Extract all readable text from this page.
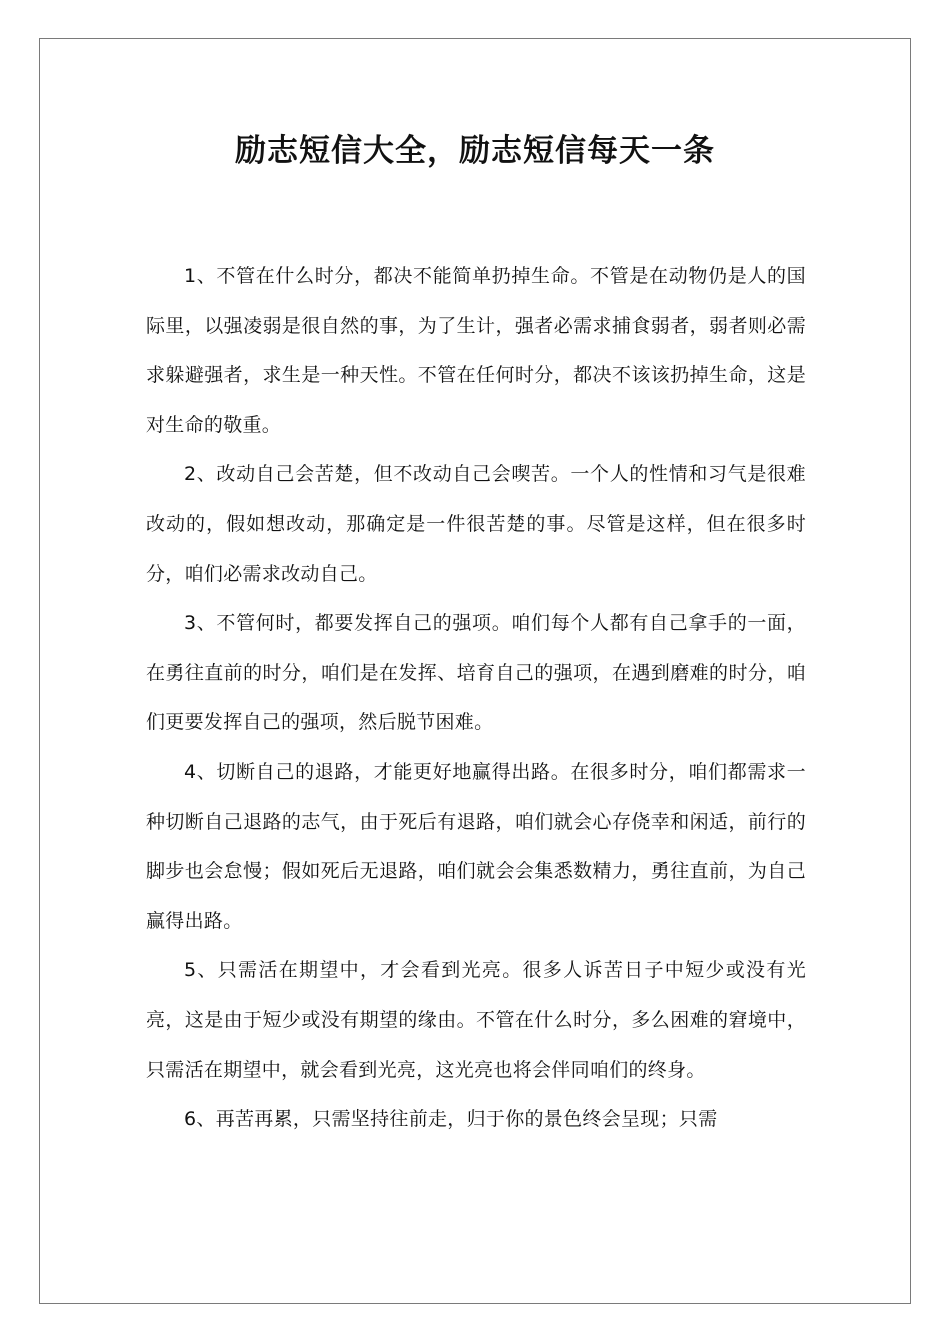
励志短信大全，励志短信每天一条

1、不管在什么时分，都决不能简单扔掉生命。不管是在动物仍是人的国际里，以强凌弱是很自然的事，为了生计，强者必需求捕食弱者，弱者则必需求躲避强者，求生是一种天性。不管在任何时分，都决不该该扔掉生命，这是对生命的敬重。

2、改动自己会苦楚，但不改动自己会喫苦。一个人的性情和习气是很难改动的，假如想改动，那确定是一件很苦楚的事。尽管是这样，但在很多时分，咱们必需求改动自己。

3、不管何时，都要发挥自己的强项。咱们每个人都有自己拿手的一面，在勇往直前的时分，咱们是在发挥、培育自己的强项，在遇到磨难的时分，咱们更要发挥自己的强项，然后脱节困难。

4、切断自己的退路，才能更好地赢得出路。在很多时分，咱们都需求一种切断自己退路的志气，由于死后有退路，咱们就会心存侥幸和闲适，前行的脚步也会怠慢；假如死后无退路，咱们就会会集悉数精力，勇往直前，为自己赢得出路。

5、只需活在期望中，才会看到光亮。很多人诉苦日子中短少或没有光亮，这是由于短少或没有期望的缘由。不管在什么时分，多么困难的窘境中，只需活在期望中，就会看到光亮，这光亮也将会伴同咱们的终身。

6、再苦再累，只需坚持往前走，归于你的景色终会呈现；只需
